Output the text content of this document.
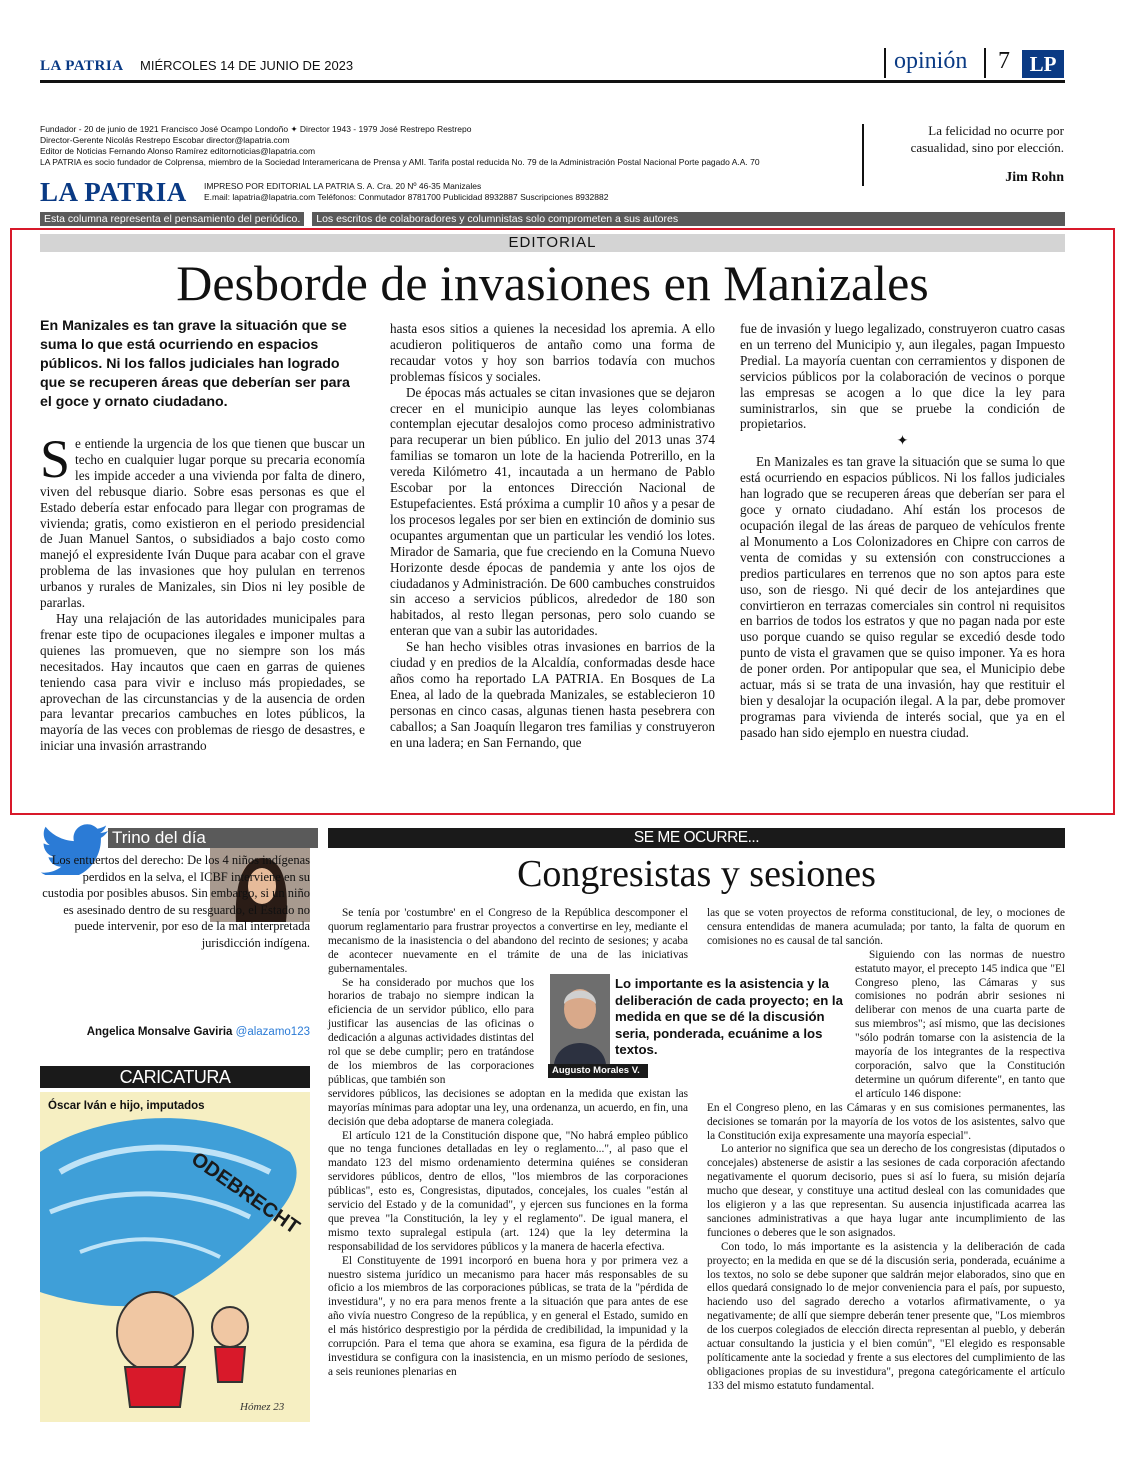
LA PATRIA MIÉRCOLES 14 DE JUNIO DE 2023	opinión	7 LP
Fundador - 20 de junio de 1921 Francisco José Ocampo Londoño ✦ Director 1943 - 1979 José Restrepo Restrepo
Director-Gerente Nicolás Restrepo Escobar director@lapatria.com
Editor de Noticias Fernando Alonso Ramírez editornoticias@lapatria.com
LA PATRIA es socio fundador de Colprensa, miembro de la Sociedad Interamericana de Prensa y AMI. Tarifa postal reducida No. 79 de la Administración Postal Nacional Porte pagado A.A. 70
LA PATRIA IMPRESO POR EDITORIAL LA PATRIA S. A. Cra. 20 Nº 46-35 Manizales
E.mail: lapatria@lapatria.com Teléfonos: Conmutador 8781700 Publicidad 8932887 Suscripciones 8932882
La felicidad no ocurre por casualidad, sino por elección.
Jim Rohn
Esta columna representa el pensamiento del periódico. Los escritos de colaboradores y columnistas solo comprometen a sus autores
EDITORIAL
Desborde de invasiones en Manizales
En Manizales es tan grave la situación que se suma lo que está ocurriendo en espacios públicos. Ni los fallos judiciales han logrado que se recuperen áreas que deberían ser para el goce y ornato ciudadano.

Se entiende la urgencia de los que tienen que buscar un techo en cualquier lugar porque su precaria economía les impide acceder a una vivienda por falta de dinero, viven del rebusque diario. Sobre esas personas es que el Estado debería estar enfocado para llegar con programas de vivienda; gratis, como existieron en el periodo presidencial de Juan Manuel Santos, o subsidiados a bajo costo como manejó el expresidente Iván Duque para acabar con el grave problema de las invasiones que hoy pululan en terrenos urbanos y rurales de Manizales, sin Dios ni ley posible de pararlas.

Hay una relajación de las autoridades municipales para frenar este tipo de ocupaciones ilegales e imponer multas a quienes las promueven, que no siempre son los más necesitados. Hay incautos que caen en garras de quienes teniendo casa para vivir e incluso más propiedades, se aprovechan de las circunstancias y de la ausencia de orden para levantar precarios cambuches en lotes públicos, la mayoría de las veces con problemas de riesgo de desastres, e iniciar una invasión arrastrando

hasta esos sitios a quienes la necesidad los apremia. A ello acudieron politiqueros de antaño como una forma de recaudar votos y hoy son barrios todavía con muchos problemas físicos y sociales.

De épocas más actuales se citan invasiones que se dejaron crecer en el municipio aunque las leyes colombianas contemplan ejecutar desalojos como proceso administrativo para recuperar un bien público. En julio del 2013 unas 374 familias se tomaron un lote de la hacienda Potrerillo, en la vereda Kilómetro 41, incautada a un hermano de Pablo Escobar por la entonces Dirección Nacional de Estupefacientes. Está próxima a cumplir 10 años y a pesar de los procesos legales por ser bien en extinción de dominio sus ocupantes argumentan que un particular les vendió los lotes. Mirador de Samaria, que fue creciendo en la Comuna Nuevo Horizonte desde épocas de pandemia y ante los ojos de ciudadanos y Administración. De 600 cambuches construidos sin acceso a servicios públicos, alrededor de 180 son habitados, al resto llegan personas, pero solo cuando se enteran que van a subir las autoridades.

Se han hecho visibles otras invasiones en barrios de la ciudad y en predios de la Alcaldía, conformadas desde hace años como ha reportado LA PATRIA. En Bosques de La Enea, al lado de la quebrada Manizales, se establecieron 10 personas en cinco casas, algunas tienen hasta pesebrera con caballos; a San Joaquín llegaron tres familias y construyeron en una ladera; en San Fernando, que

fue de invasión y luego legalizado, construyeron cuatro casas en un terreno del Municipio y, aun ilegales, pagan Impuesto Predial. La mayoría cuentan con cerramientos y disponen de servicios públicos por la colaboración de vecinos o porque las empresas se acogen a lo que dice la ley para suministrarlos, sin que se pruebe la condición de propietarios.

✦

En Manizales es tan grave la situación que se suma lo que está ocurriendo en espacios públicos. Ni los fallos judiciales han logrado que se recuperen áreas que deberían ser para el goce y ornato ciudadano. Ahí están los procesos de ocupación ilegal de las áreas de parqueo de vehículos frente al Monumento a Los Colonizadores en Chipre con carros de venta de comidas y su extensión con construcciones a predios particulares en terrenos que no son aptos para este uso, son de riesgo. Ni qué decir de los antejardines que convirtieron en terrazas comerciales sin control ni requisitos en barrios de todos los estratos y que no pagan nada por este uso porque cuando se quiso regular se excedió desde todo punto de vista el gravamen que se quiso imponer. Ya es hora de poner orden. Por antipopular que sea, el Municipio debe actuar, más si se trata de una invasión, hay que restituir el bien y desalojar la ocupación ilegal. A la par, debe promover programas para vivienda de interés social, que ya en el pasado han sido ejemplo en nuestra ciudad.

Trino del día
Los entuertos del derecho: De los 4 niños indígenas perdidos en la selva, el ICBF interviene en su custodia por posibles abusos. Sin embargo, si un niño es asesinado dentro de su resguardo, el Estado no puede intervenir, por eso de la mal interpretada jurisdicción indígena.
Angelica Monsalve Gaviria @alazamo123
CARICATURA
ODEBRECHT
Hómez 23
Óscar Iván e hijo, imputados
SE ME OCURRE...
Congresistas y sesiones

Se tenía por 'costumbre' en el Congreso de la República descomponer el quorum reglamentario para frustrar proyectos a convertirse en ley, mediante el mecanismo de la inasistencia o del abandono del recinto de sesiones; y acaba de acontecer nuevamente en el trámite de una de las iniciativas gubernamentales.

Se ha considerado por muchos que los horarios de trabajo no siempre indican la eficiencia de un servidor público, ello para justificar las ausencias de las oficinas o dedicación a algunas actividades distintas del rol que se debe cumplir; pero en tratándose de los miembros de las corporaciones públicas, que también son

servidores públicos, las decisiones se adoptan en la medida que existan las mayorías mínimas para adoptar una ley, una ordenanza, un acuerdo, en fin, una decisión que deba adoptarse de manera colegiada.

El artículo 121 de la Constitución dispone que, "No habrá empleo público que no tenga funciones detalladas en ley o reglamento...", al paso que el mandato 123 del mismo ordenamiento determina quiénes se consideran servidores públicos, dentro de ellos, "los miembros de las corporaciones públicas", esto es, Congresistas, diputados, concejales, los cuales "están al servicio del Estado y de la comunidad", y ejercen sus funciones en la forma que prevea "la Constitución, la ley y el reglamento". De igual manera, el mismo texto supralegal estipula (art. 124) que la ley determina la responsabilidad de los servidores públicos y la manera de hacerla efectiva.

El Constituyente de 1991 incorporó en buena hora y por primera vez a nuestro sistema jurídico un mecanismo para hacer más responsables de su oficio a los miembros de las corporaciones públicas, se trata de la "pérdida de investidura", y no era para menos frente a la situación que para antes de ese año vivía nuestro Congreso de la república, y en general el Estado, sumido en el más histórico desprestigio por la pérdida de credibilidad, la impunidad y la corrupción. Para el tema que ahora se examina, esa figura de la pérdida de investidura se configura con la inasistencia, en un mismo período de sesiones, a seis reuniones plenarias en

las que se voten proyectos de reforma constitucional, de ley, o mociones de censura entendidas de manera acumulada; por tanto, la falta de quorum en comisiones no es causal de tal sanción.

Siguiendo con las normas de nuestro estatuto mayor, el precepto 145 indica que "El Congreso pleno, las Cámaras y sus comisiones no podrán abrir sesiones ni deliberar con menos de una cuarta parte de sus miembros"; así mismo, que las decisiones "sólo podrán tomarse con la asistencia de la mayoría de los integrantes de la respectiva corporación, salvo que la Constitución determine un quórum diferente", en tanto que el artículo 146 dispone:

En el Congreso pleno, en las Cámaras y en sus comisiones permanentes, las decisiones se tomarán por la mayoría de los votos de los asistentes, salvo que la Constitución exija expresamente una mayoría especial".

Lo anterior no significa que sea un derecho de los congresistas (diputados o concejales) abstenerse de asistir a las sesiones de cada corporación afectando negativamente el quorum decisorio, pues si así lo fuera, su misión dejaría mucho que desear, y constituye una actitud desleal con las comunidades que los eligieron y a las que representan. Su ausencia injustificada acarrea las sanciones administrativas a que haya lugar ante incumplimiento de las funciones o deberes que le son asignados.

Con todo, lo más importante es la asistencia y la deliberación de cada proyecto; en la medida en que se dé la discusión seria, ponderada, ecuánime a los textos, no solo se debe suponer que saldrán mejor elaborados, sino que en ellos quedará consignado lo de mejor conveniencia para el país, por supuesto, haciendo uso del sagrado derecho a votarlos afirmativamente, o ya negativamente; de allí que siempre deberán tener presente que, "Los miembros de los cuerpos colegiados de elección directa representan al pueblo, y deberán actuar consultando la justicia y el bien común", "El elegido es responsable políticamente ante la sociedad y frente a sus electores del cumplimiento de las obligaciones propias de su investidura", pregona categóricamente el artículo 133 del mismo estatuto fundamental.

Lo importante es la asistencia y la deliberación de cada proyecto; en la medida en que se dé la discusión seria, ponderada, ecuánime a los textos.
Augusto Morales V.
